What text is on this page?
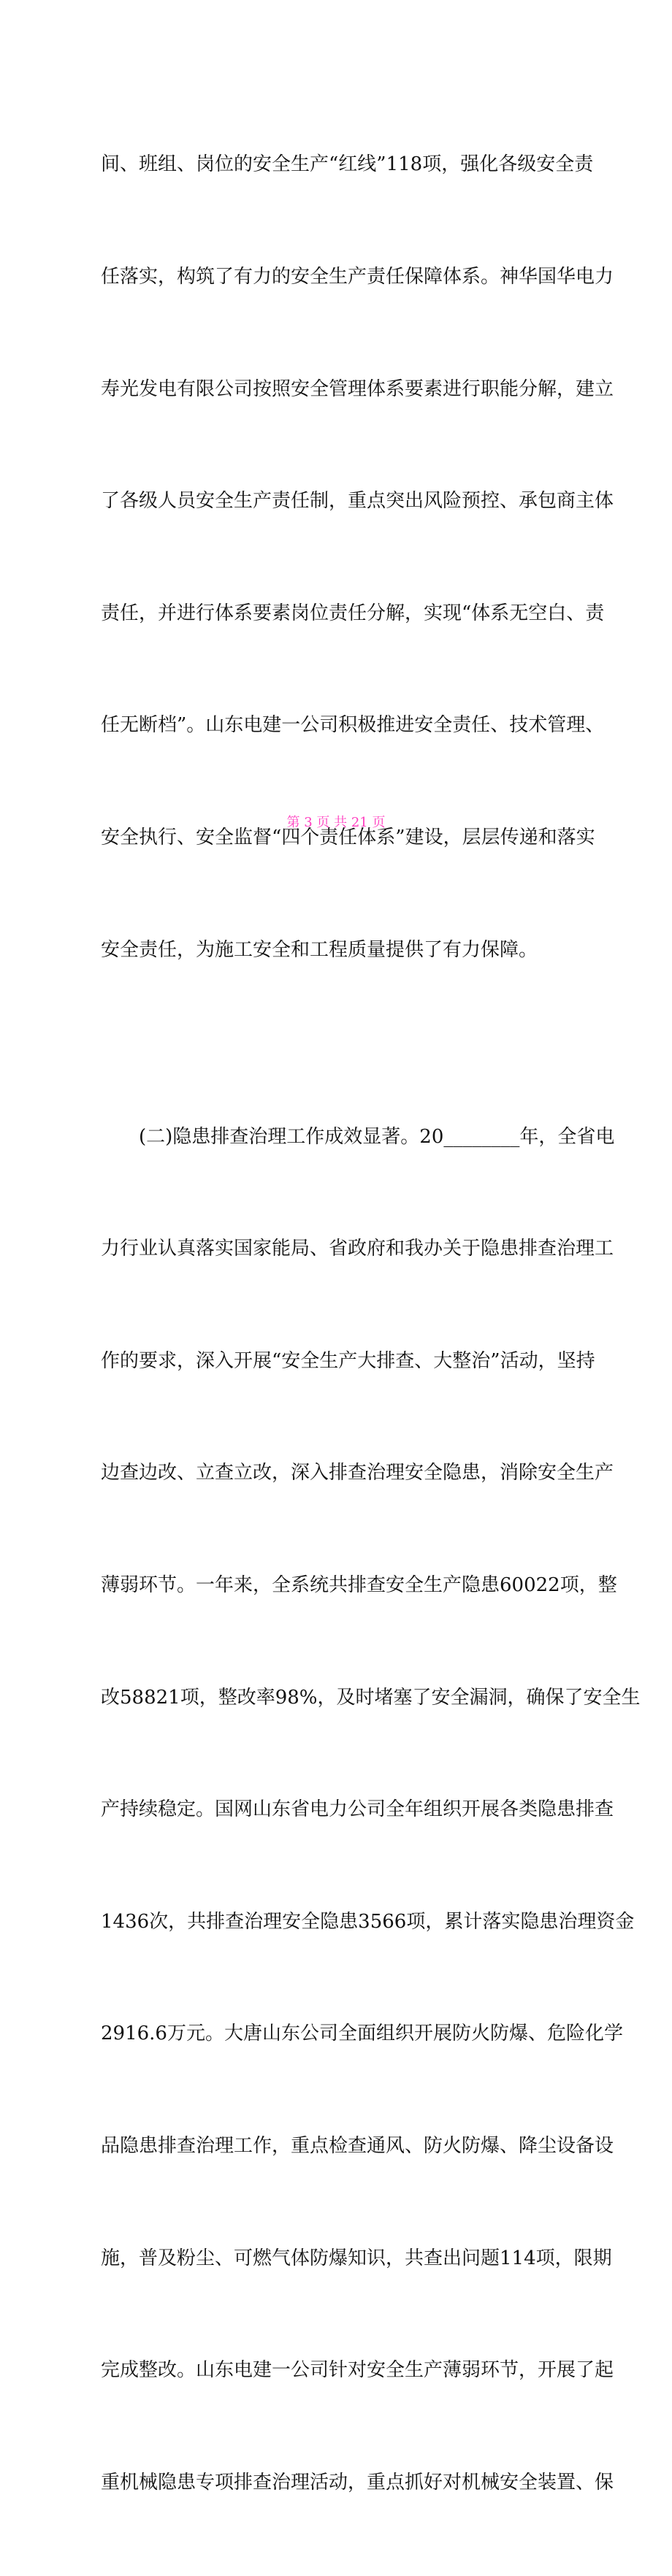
间、班组、岗位的安全生产“红线”118项，强化各级安全责

任落实，构筑了有力的安全生产责任保障体系。神华国华电力

寿光发电有限公司按照安全管理体系要素进行职能分解，建立

了各级人员安全生产责任制，重点突出风险预控、承包商主体

责任，并进行体系要素岗位责任分解，实现“体系无空白、责

任无断档”。山东电建一公司积极推进安全责任、技术管理、

安全执行、安全监督“四个责任体系”建设，层层传递和落实

安全责任，为施工安全和工程质量提供了有力保障。

　　(二)隐患排查治理工作成效显著。20________年，全省电

力行业认真落实国家能局、省政府和我办关于隐患排查治理工

作的要求，深入开展“安全生产大排查、大整治”活动，坚持

边查边改、立查立改，深入排查治理安全隐患，消除安全生产

薄弱环节。一年来，全系统共排查安全生产隐患60022项，整

改58821项，整改率98%，及时堵塞了安全漏洞，确保了安全生

产持续稳定。国网山东省电力公司全年组织开展各类隐患排查

1436次，共排查治理安全隐患3566项，累计落实隐患治理资金

2916.6万元。大唐山东公司全面组织开展防火防爆、危险化学

品隐患排查治理工作，重点检查通风、防火防爆、降尘设备设

施，普及粉尘、可燃气体防爆知识，共查出问题114项，限期

完成整改。山东电建一公司针对安全生产薄弱环节，开展了起

重机械隐患专项排查治理活动，重点抓好对机械安全装置、保

第 3 页 共 21 页
